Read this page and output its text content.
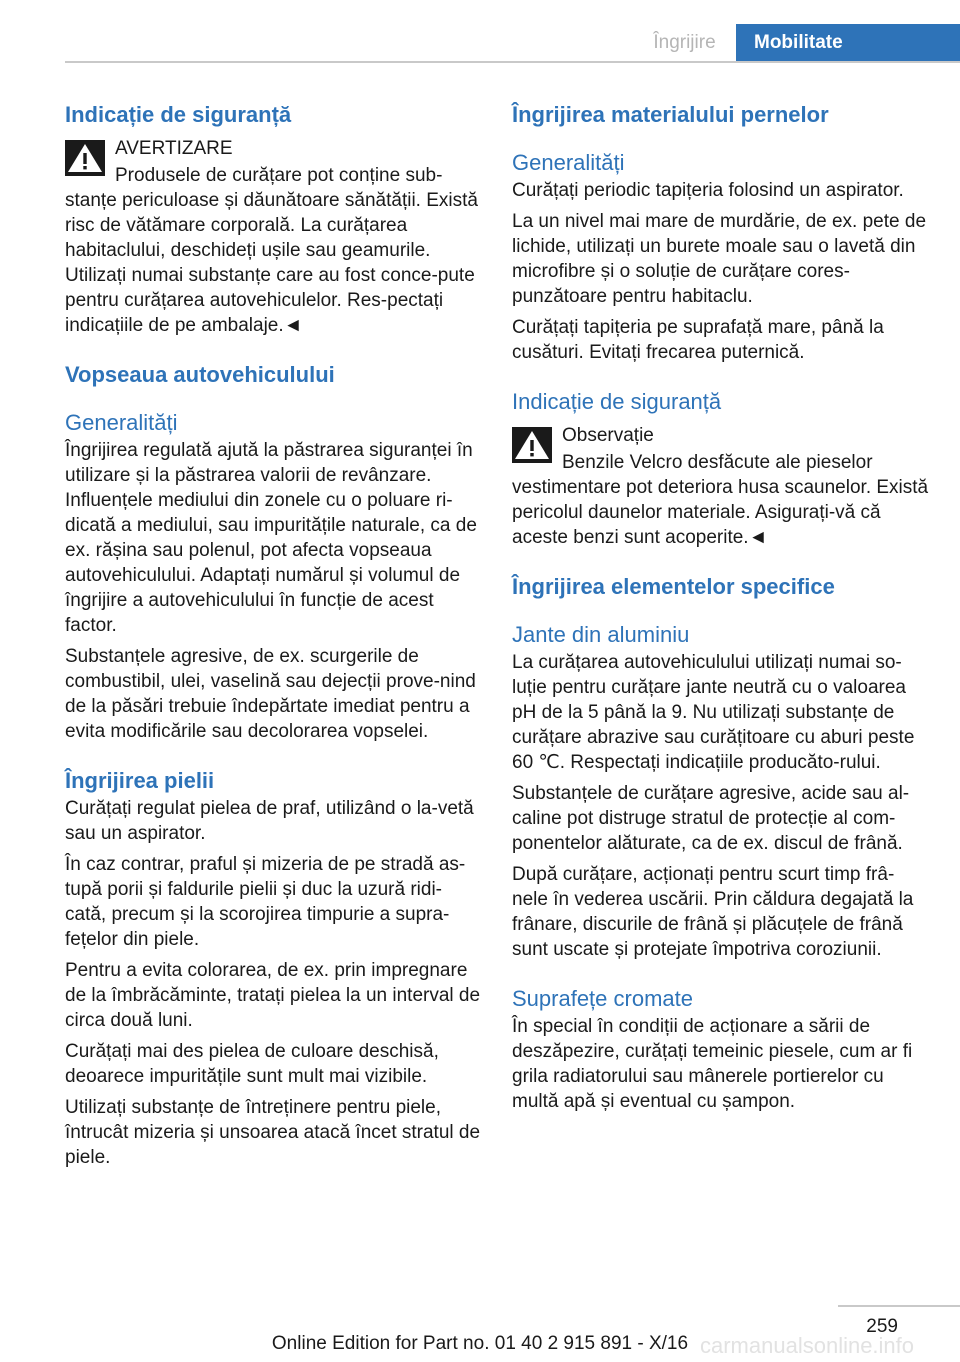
Îngrijire	Mobilitate
Indicație de siguranță

AVERTIZARE

Produsele de curățare pot conține sub-stanțe periculoase și dăunătoare sănătății. Există risc de vătămare corporală. La curățarea habitaclului, deschideți ușile sau geamurile. Utilizați numai substanțe care au fost conce-pute pentru curățarea autovehiculelor. Res-pectați indicațiile de pe ambalaje.◄

Vopseaua autovehiculului
Generalități

Îngrijirea regulată ajută la păstrarea siguranței în utilizare și la păstrarea valorii de revânzare. Influențele mediului din zonele cu o poluare ri-dicată a mediului, sau impuritățile naturale, ca de ex. rășina sau polenul, pot afecta vopseaua autovehiculului. Adaptați numărul și volumul de îngrijire a autovehiculului în funcție de acest factor.

Substanțele agresive, de ex. scurgerile de combustibil, ulei, vaselină sau dejecții prove-nind de la păsări trebuie îndepărtate imediat pentru a evita modificările sau decolorarea vopselei.

Îngrijirea pielii

Curățați regulat pielea de praf, utilizând o la-vetă sau un aspirator.

În caz contrar, praful și mizeria de pe stradă as-tupă porii și faldurile pielii și duc la uzură ridi-cată, precum și la scorojirea timpurie a supra-fețelor din piele.

Pentru a evita colorarea, de ex. prin impregnare de la îmbrăcăminte, tratați pielea la un interval de circa două luni.

Curățați mai des pielea de culoare deschisă, deoarece impuritățile sunt mult mai vizibile.

Utilizați substanțe de întreținere pentru piele, întrucât mizeria și unsoarea atacă încet stratul de piele.

Îngrijirea materialului pernelor
Generalități

Curățați periodic tapițeria folosind un aspirator.

La un nivel mai mare de murdărie, de ex. pete de lichide, utilizați un burete moale sau o lavetă din microfibre și o soluție de curățare cores-punzătoare pentru habitaclu.

Curățați tapițeria pe suprafață mare, până la cusături. Evitați frecarea puternică.

Indicație de siguranță

Observație

Benzile Velcro desfăcute ale pieselor vestimentare pot deteriora husa scaunelor. Există pericolul daunelor materiale. Asigurați-vă că aceste benzi sunt acoperite.◄

Îngrijirea elementelor specifice
Jante din aluminiu

La curățarea autovehiculului utilizați numai so-luție pentru curățare jante neutră cu o valoarea pH de la 5 până la 9. Nu utilizați substanțe de curățare abrazive sau curățitoare cu aburi peste 60 ℃. Respectați indicațiile producăto-rului.

Substanțele de curățare agresive, acide sau al-caline pot distruge stratul de protecție al com-ponentelor alăturate, ca de ex. discul de frână.

După curățare, acționați pentru scurt timp frâ-nele în vederea uscării. Prin căldura degajată la frânare, discurile de frână și plăcuțele de frână sunt uscate și protejate împotriva coroziunii.

Suprafețe cromate

În special în condiții de acționare a sării de deszăpezire, curățați temeinic piesele, cum ar fi grila radiatorului sau mânerele portierelor cu multă apă și eventual cu șampon.

259
carmanualsonline.info
Online Edition for Part no. 01 40 2 915 891 - X/16
